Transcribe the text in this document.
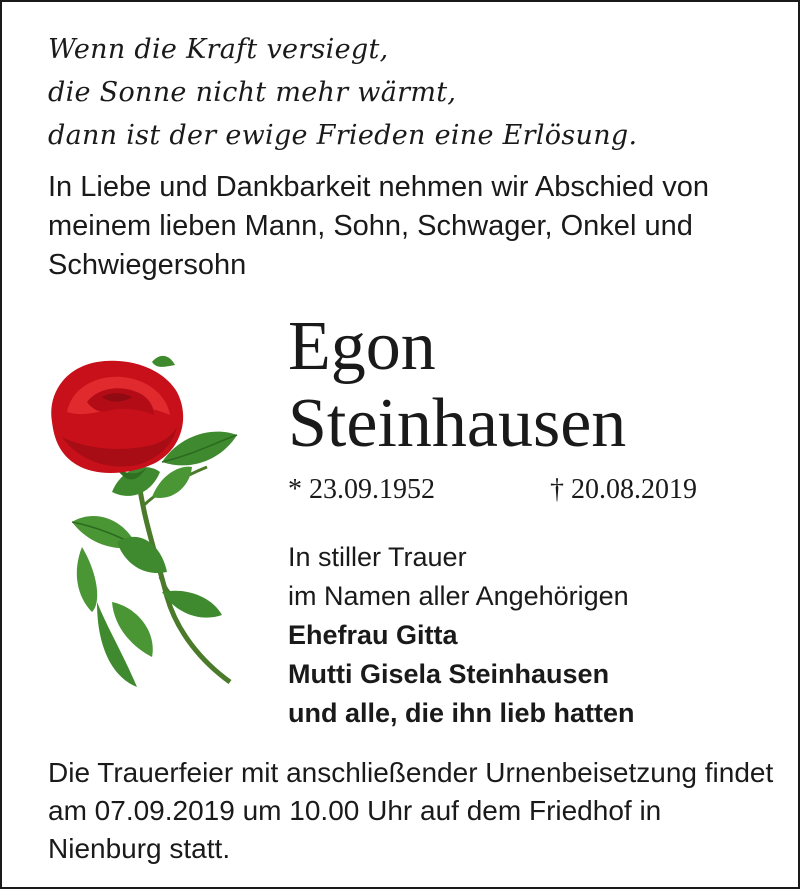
Wenn die Kraft versiegt,
die Sonne nicht mehr wärmt,
dann ist der ewige Frieden eine Erlösung.
In Liebe und Dankbarkeit nehmen wir Abschied von meinem lieben Mann, Sohn, Schwager, Onkel und Schwiegersohn
Egon
Steinhausen
* 23.09.1952	† 20.08.2019
In stiller Trauer
im Namen aller Angehörigen
Ehefrau Gitta
Mutti Gisela Steinhausen
und alle, die ihn lieb hatten
Die Trauerfeier mit anschließender Urnenbeisetzung findet am 07.09.2019 um 10.00 Uhr auf dem Friedhof in Nienburg statt.
